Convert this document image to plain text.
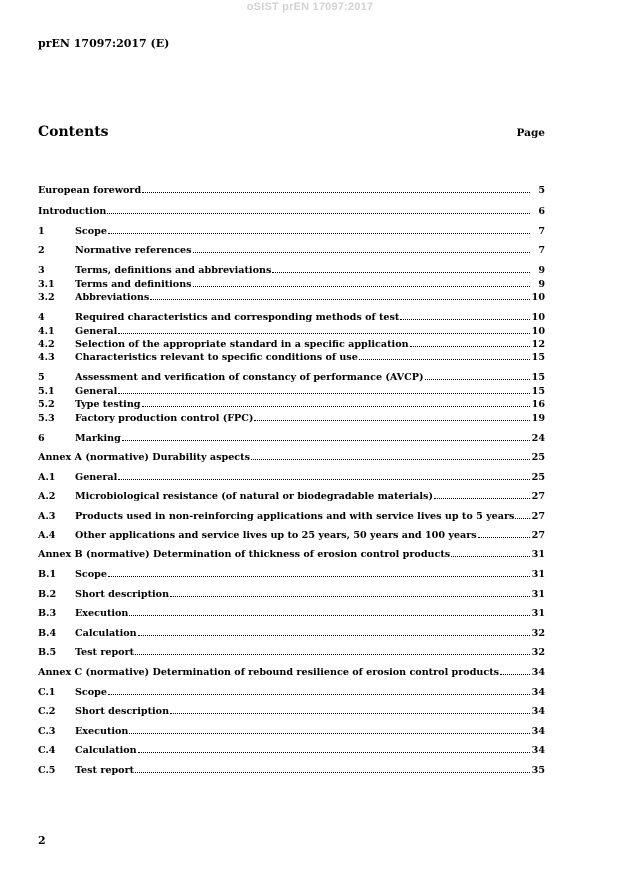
oSIST prEN 17097:2017
prEN 17097:2017 (E)
Contents	Page
European foreword	5
Introduction	6
1	Scope	7
2	Normative references	7
3	Terms, definitions and abbreviations	9
3.1	Terms and definitions	9
3.2	Abbreviations	10
4	Required characteristics and corresponding methods of test	10
4.1	General	10
4.2	Selection of the appropriate standard in a specific application	12
4.3	Characteristics relevant to specific conditions of use	15
5	Assessment and verification of constancy of performance (AVCP)	15
5.1	General	15
5.2	Type testing	16
5.3	Factory production control (FPC)	19
6	Marking	24
Annex A (normative) Durability aspects	25
A.1	General	25
A.2	Microbiological resistance (of natural or biodegradable materials)	27
A.3	Products used in non-reinforcing applications and with service lives up to 5 years 27
A.4	Other applications and service lives up to 25 years, 50 years and 100 years	27
Annex B (normative) Determination of thickness of erosion control products	31
B.1	Scope	31
B.2	Short description	31
B.3	Execution	31
B.4	Calculation	32
B.5	Test report	32
Annex C (normative) Determination of rebound resilience of erosion control products	34
C.1	Scope	34
C.2	Short description	34
C.3	Execution	34
C.4	Calculation	34
C.5	Test report	35
2
